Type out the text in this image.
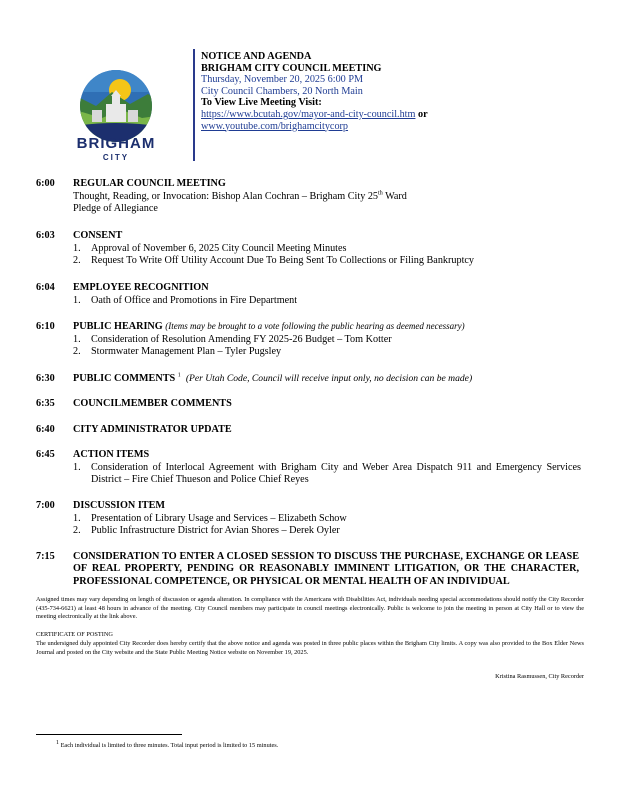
BRIGHAM
CITY
NOTICE AND AGENDA
BRIGHAM CITY COUNCIL MEETING
Thursday, November 20, 2025 6:00 PM
City Council Chambers, 20 North Main
To View Live Meeting Visit:
https://www.bcutah.gov/mayor-and-city-council.htm or
www.youtube.com/brighamcitycorp
6:00 REGULAR COUNCIL MEETING
Thought, Reading, or Invocation: Bishop Alan Cochran – Brigham City 25th Ward
Pledge of Allegiance
6:03 CONSENT
1. Approval of November 6, 2025 City Council Meeting Minutes
2. Request To Write Off Utility Account Due To Being Sent To Collections or Filing Bankruptcy
6:04 EMPLOYEE RECOGNITION
1. Oath of Office and Promotions in Fire Department
6:10 PUBLIC HEARING (Items may be brought to a vote following the public hearing as deemed necessary)
1. Consideration of Resolution Amending FY 2025-26 Budget – Tom Kotter
2. Stormwater Management Plan – Tyler Pugsley
6:30 PUBLIC COMMENTS $^1$ (Per Utah Code, Council will receive input only, no decision can be made)
6:35 COUNCILMEMBER COMMENTS
6:40 CITY ADMINISTRATOR UPDATE
6:45 ACTION ITEMS
1. Consideration of Interlocal Agreement with Brigham City and Weber Area Dispatch 911 and Emergency Services District – Fire Chief Thueson and Police Chief Reyes
7:00 DISCUSSION ITEM
1. Presentation of Library Usage and Services – Elizabeth Schow
2. Public Infrastructure District for Avian Shores – Derek Oyler
7:15 CONSIDERATION TO ENTER A CLOSED SESSION TO DISCUSS THE PURCHASE, EXCHANGE OR LEASE OF REAL PROPERTY, PENDING OR REASONABLY IMMINENT LITIGATION, OR THE CHARACTER, PROFESSIONAL COMPETENCE, OR PHYSICAL OR MENTAL HEALTH OF AN INDIVIDUAL
Assigned times may vary depending on length of discussion or agenda alteration. In compliance with the Americans with Disabilities Act, individuals needing special accommodations should notify the City Recorder (435-734-6621) at least 48 hours in advance of the meeting. City Council members may participate in council meetings electronically. Public is welcome to join the meeting in person at City Hall or to view the meeting electronically at the link above.
CERTIFICATE OF POSTING
The undersigned duly appointed City Recorder does hereby certify that the above notice and agenda was posted in three public places within the Brigham City limits. A copy was also provided to the Box Elder News Journal and posted on the City website and the State Public Meeting Notice website on November 19, 2025.
Kristina Rasmussen, City Recorder
$^1$ Each individual is limited to three minutes. Total input period is limited to 15 minutes.
